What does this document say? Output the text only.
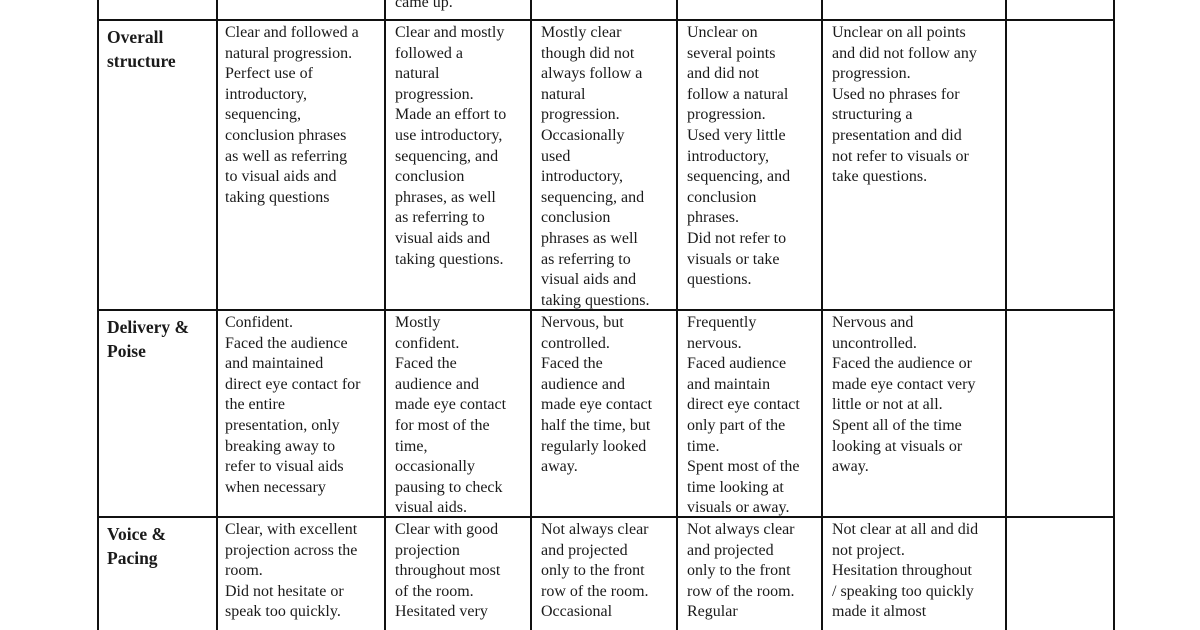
came up.

Overall
structure

Clear and followed a
natural progression.
Perfect use of
introductory,
sequencing,
conclusion phrases
as well as referring
to visual aids and
taking questions

Clear and mostly
followed a
natural
progression.
Made an effort to
use introductory,
sequencing, and
conclusion
phrases, as well
as referring to
visual aids and
taking questions.

Mostly clear
though did not
always follow a
natural
progression.
Occasionally
used
introductory,
sequencing, and
conclusion
phrases as well
as referring to
visual aids and
taking questions.

Unclear on
several points
and did not
follow a natural
progression.
Used very little
introductory,
sequencing, and
conclusion
phrases.
Did not refer to
visuals or take
questions.

Unclear on all points
and did not follow any
progression.
Used no phrases for
structuring a
presentation and did
not refer to visuals or
take questions.

Delivery &
Poise

Confident.
Faced the audience
and maintained
direct eye contact for
the entire
presentation, only
breaking away to
refer to visual aids
when necessary

Mostly
confident.
Faced the
audience and
made eye contact
for most of the
time,
occasionally
pausing to check
visual aids.

Nervous, but
controlled.
Faced the
audience and
made eye contact
half the time, but
regularly looked
away.

Frequently
nervous.
Faced audience
and maintain
direct eye contact
only part of the
time.
Spent most of the
time looking at
visuals or away.

Nervous and
uncontrolled.
Faced the audience or
made eye contact very
little or not at all.
Spent all of the time
looking at visuals or
away.

Voice &
Pacing

Clear, with excellent
projection across the
room.
Did not hesitate or
speak too quickly.

Clear with good
projection
throughout most
of the room.
Hesitated very

Not always clear
and projected
only to the front
row of the room.
Occasional

Not always clear
and projected
only to the front
row of the room.
Regular

Not clear at all and did
not project.
Hesitation throughout
/ speaking too quickly
made it almost
